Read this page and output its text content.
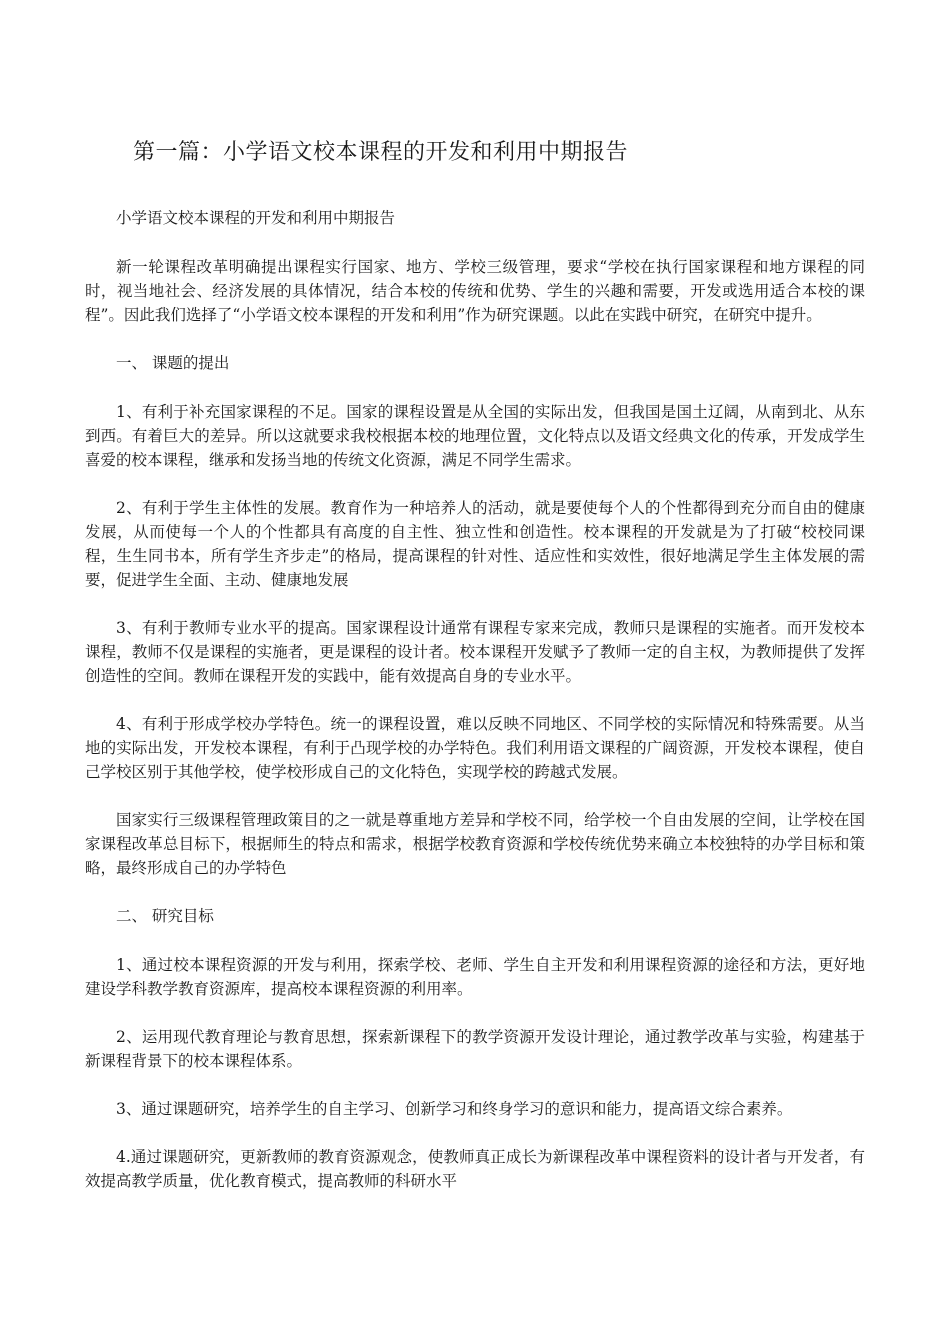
第一篇：小学语文校本课程的开发和利用中期报告

小学语文校本课程的开发和利用中期报告

新一轮课程改革明确提出课程实行国家、地方、学校三级管理，要求“学校在执行国家课程和地方课程的同时，视当地社会、经济发展的具体情况，结合本校的传统和优势、学生的兴趣和需要，开发或选用适合本校的课程”。因此我们选择了“小学语文校本课程的开发和利用”作为研究课题。以此在实践中研究，在研究中提升。

一、 课题的提出

1、有利于补充国家课程的不足。国家的课程设置是从全国的实际出发，但我国是国土辽阔，从南到北、从东到西。有着巨大的差异。所以这就要求我校根据本校的地理位置，文化特点以及语文经典文化的传承，开发成学生喜爱的校本课程，继承和发扬当地的传统文化资源，满足不同学生需求。

2、有利于学生主体性的发展。教育作为一种培养人的活动，就是要使每个人的个性都得到充分而自由的健康发展，从而使每一个人的个性都具有高度的自主性、独立性和创造性。校本课程的开发就是为了打破“校校同课程，生生同书本，所有学生齐步走”的格局，提高课程的针对性、适应性和实效性，很好地满足学生主体发展的需要，促进学生全面、主动、健康地发展

3、有利于教师专业水平的提高。国家课程设计通常有课程专家来完成，教师只是课程的实施者。而开发校本课程，教师不仅是课程的实施者，更是课程的设计者。校本课程开发赋予了教师一定的自主权，为教师提供了发挥创造性的空间。教师在课程开发的实践中，能有效提高自身的专业水平。

4、有利于形成学校办学特色。统一的课程设置，难以反映不同地区、不同学校的实际情况和特殊需要。从当地的实际出发，开发校本课程，有利于凸现学校的办学特色。我们利用语文课程的广阔资源，开发校本课程，使自己学校区别于其他学校，使学校形成自己的文化特色，实现学校的跨越式发展。

国家实行三级课程管理政策目的之一就是尊重地方差异和学校不同，给学校一个自由发展的空间，让学校在国家课程改革总目标下，根据师生的特点和需求，根据学校教育资源和学校传统优势来确立本校独特的办学目标和策略，最终形成自己的办学特色

二、 研究目标

1、通过校本课程资源的开发与利用，探索学校、老师、学生自主开发和利用课程资源的途径和方法，更好地建设学科教学教育资源库，提高校本课程资源的利用率。

2、运用现代教育理论与教育思想，探索新课程下的教学资源开发设计理论，通过教学改革与实验，构建基于新课程背景下的校本课程体系。

3、通过课题研究，培养学生的自主学习、创新学习和终身学习的意识和能力，提高语文综合素养。

4.通过课题研究，更新教师的教育资源观念，使教师真正成长为新课程改革中课程资料的设计者与开发者，有效提高教学质量，优化教育模式，提高教师的科研水平
